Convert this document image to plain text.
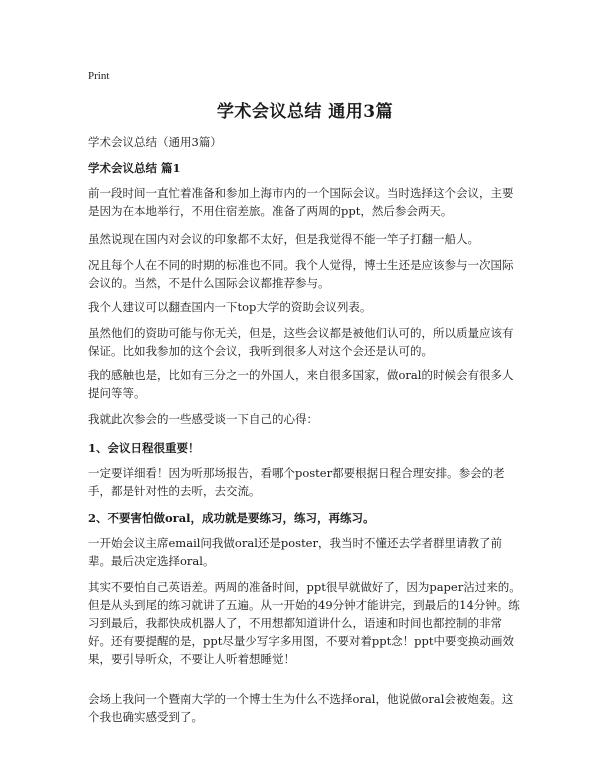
Print
学术会议总结 通用3篇
学术会议总结（通用3篇）
学术会议总结 篇1

前一段时间一直忙着准备和参加上海市内的一个国际会议。当时选择这个会议，主要是因为在本地举行，不用住宿差旅。准备了两周的ppt，然后参会两天。

虽然说现在国内对会议的印象都不太好，但是我觉得不能一竿子打翻一船人。

况且每个人在不同的时期的标准也不同。我个人觉得，博士生还是应该参与一次国际会议的。当然，不是什么国际会议都推荐参与。

我个人建议可以翻查国内一下top大学的资助会议列表。

虽然他们的资助可能与你无关，但是，这些会议都是被他们认可的，所以质量应该有保证。比如我参加的这个会议，我听到很多人对这个会还是认可的。

我的感触也是，比如有三分之一的外国人，来自很多国家，做oral的时候会有很多人提问等等。

我就此次参会的一些感受谈一下自己的心得：

1、会议日程很重要！

一定要详细看！因为听那场报告，看哪个poster都要根据日程合理安排。参会的老手，都是针对性的去听，去交流。

2、不要害怕做oral，成功就是要练习，练习，再练习。

一开始会议主席email问我做oral还是poster，我当时不懂还去学者群里请教了前辈。最后决定选择oral。

其实不要怕自己英语差。两周的准备时间，ppt很早就做好了，因为paper沾过来的。但是从头到尾的练习就讲了五遍。从一开始的49分钟才能讲完，到最后的14分钟。练习到最后，我都快成机器人了，不用想都知道讲什么，语速和时间也都控制的非常好。还有要提醒的是，ppt尽量少写字多用图，不要对着ppt念！ppt中要变换动画效果，要引导听众，不要让人听着想睡觉！

会场上我问一个暨南大学的一个博士生为什么不选择oral，他说做oral会被炮轰。这个我也确实感受到了。
